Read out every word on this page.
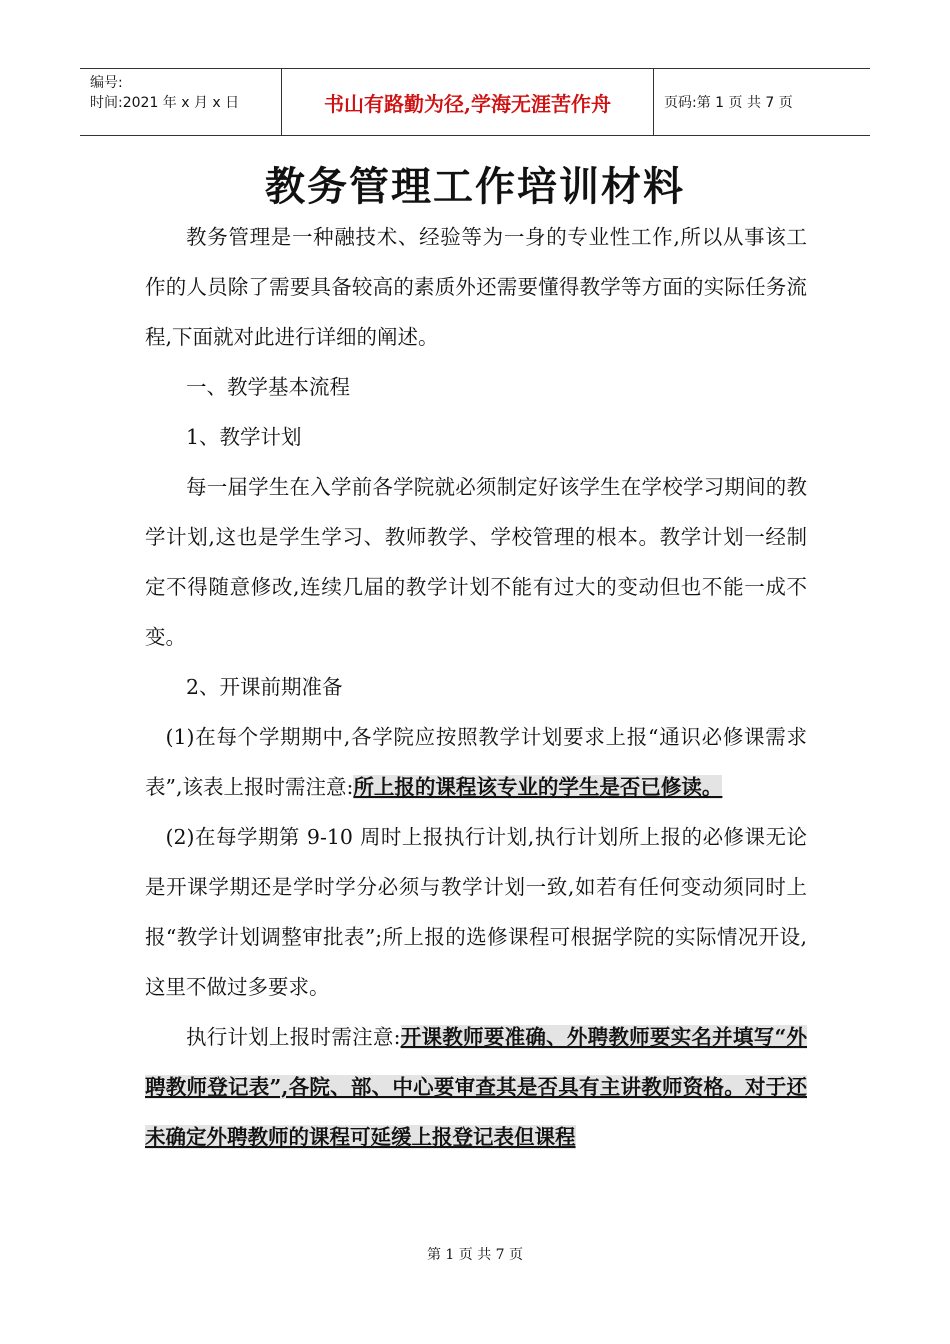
编号:
时间:2021 年 x 月 x 日	书山有路勤为径,学海无涯苦作舟	页码:第 1 页 共 7 页
教务管理工作培训材料

教务管理是一种融技术、经验等为一身的专业性工作,所以从事该工作的人员除了需要具备较高的素质外还需要懂得教学等方面的实际任务流程,下面就对此进行详细的阐述。

一、教学基本流程

1、教学计划

每一届学生在入学前各学院就必须制定好该学生在学校学习期间的教学计划,这也是学生学习、教师教学、学校管理的根本。教学计划一经制定不得随意修改,连续几届的教学计划不能有过大的变动但也不能一成不变。

2、开课前期准备

(1)在每个学期期中,各学院应按照教学计划要求上报“通识必修课需求表”,该表上报时需注意:所上报的课程该专业的学生是否已修读。

(2)在每学期第 9-10 周时上报执行计划,执行计划所上报的必修课无论是开课学期还是学时学分必须与教学计划一致,如若有任何变动须同时上报“教学计划调整审批表”;所上报的选修课程可根据学院的实际情况开设,这里不做过多要求。

执行计划上报时需注意:开课教师要准确、外聘教师要实名并填写“外聘教师登记表”,各院、部、中心要审查其是否具有主讲教师资格。对于还未确定外聘教师的课程可延缓上报登记表但课程

第 1 页 共 7 页
